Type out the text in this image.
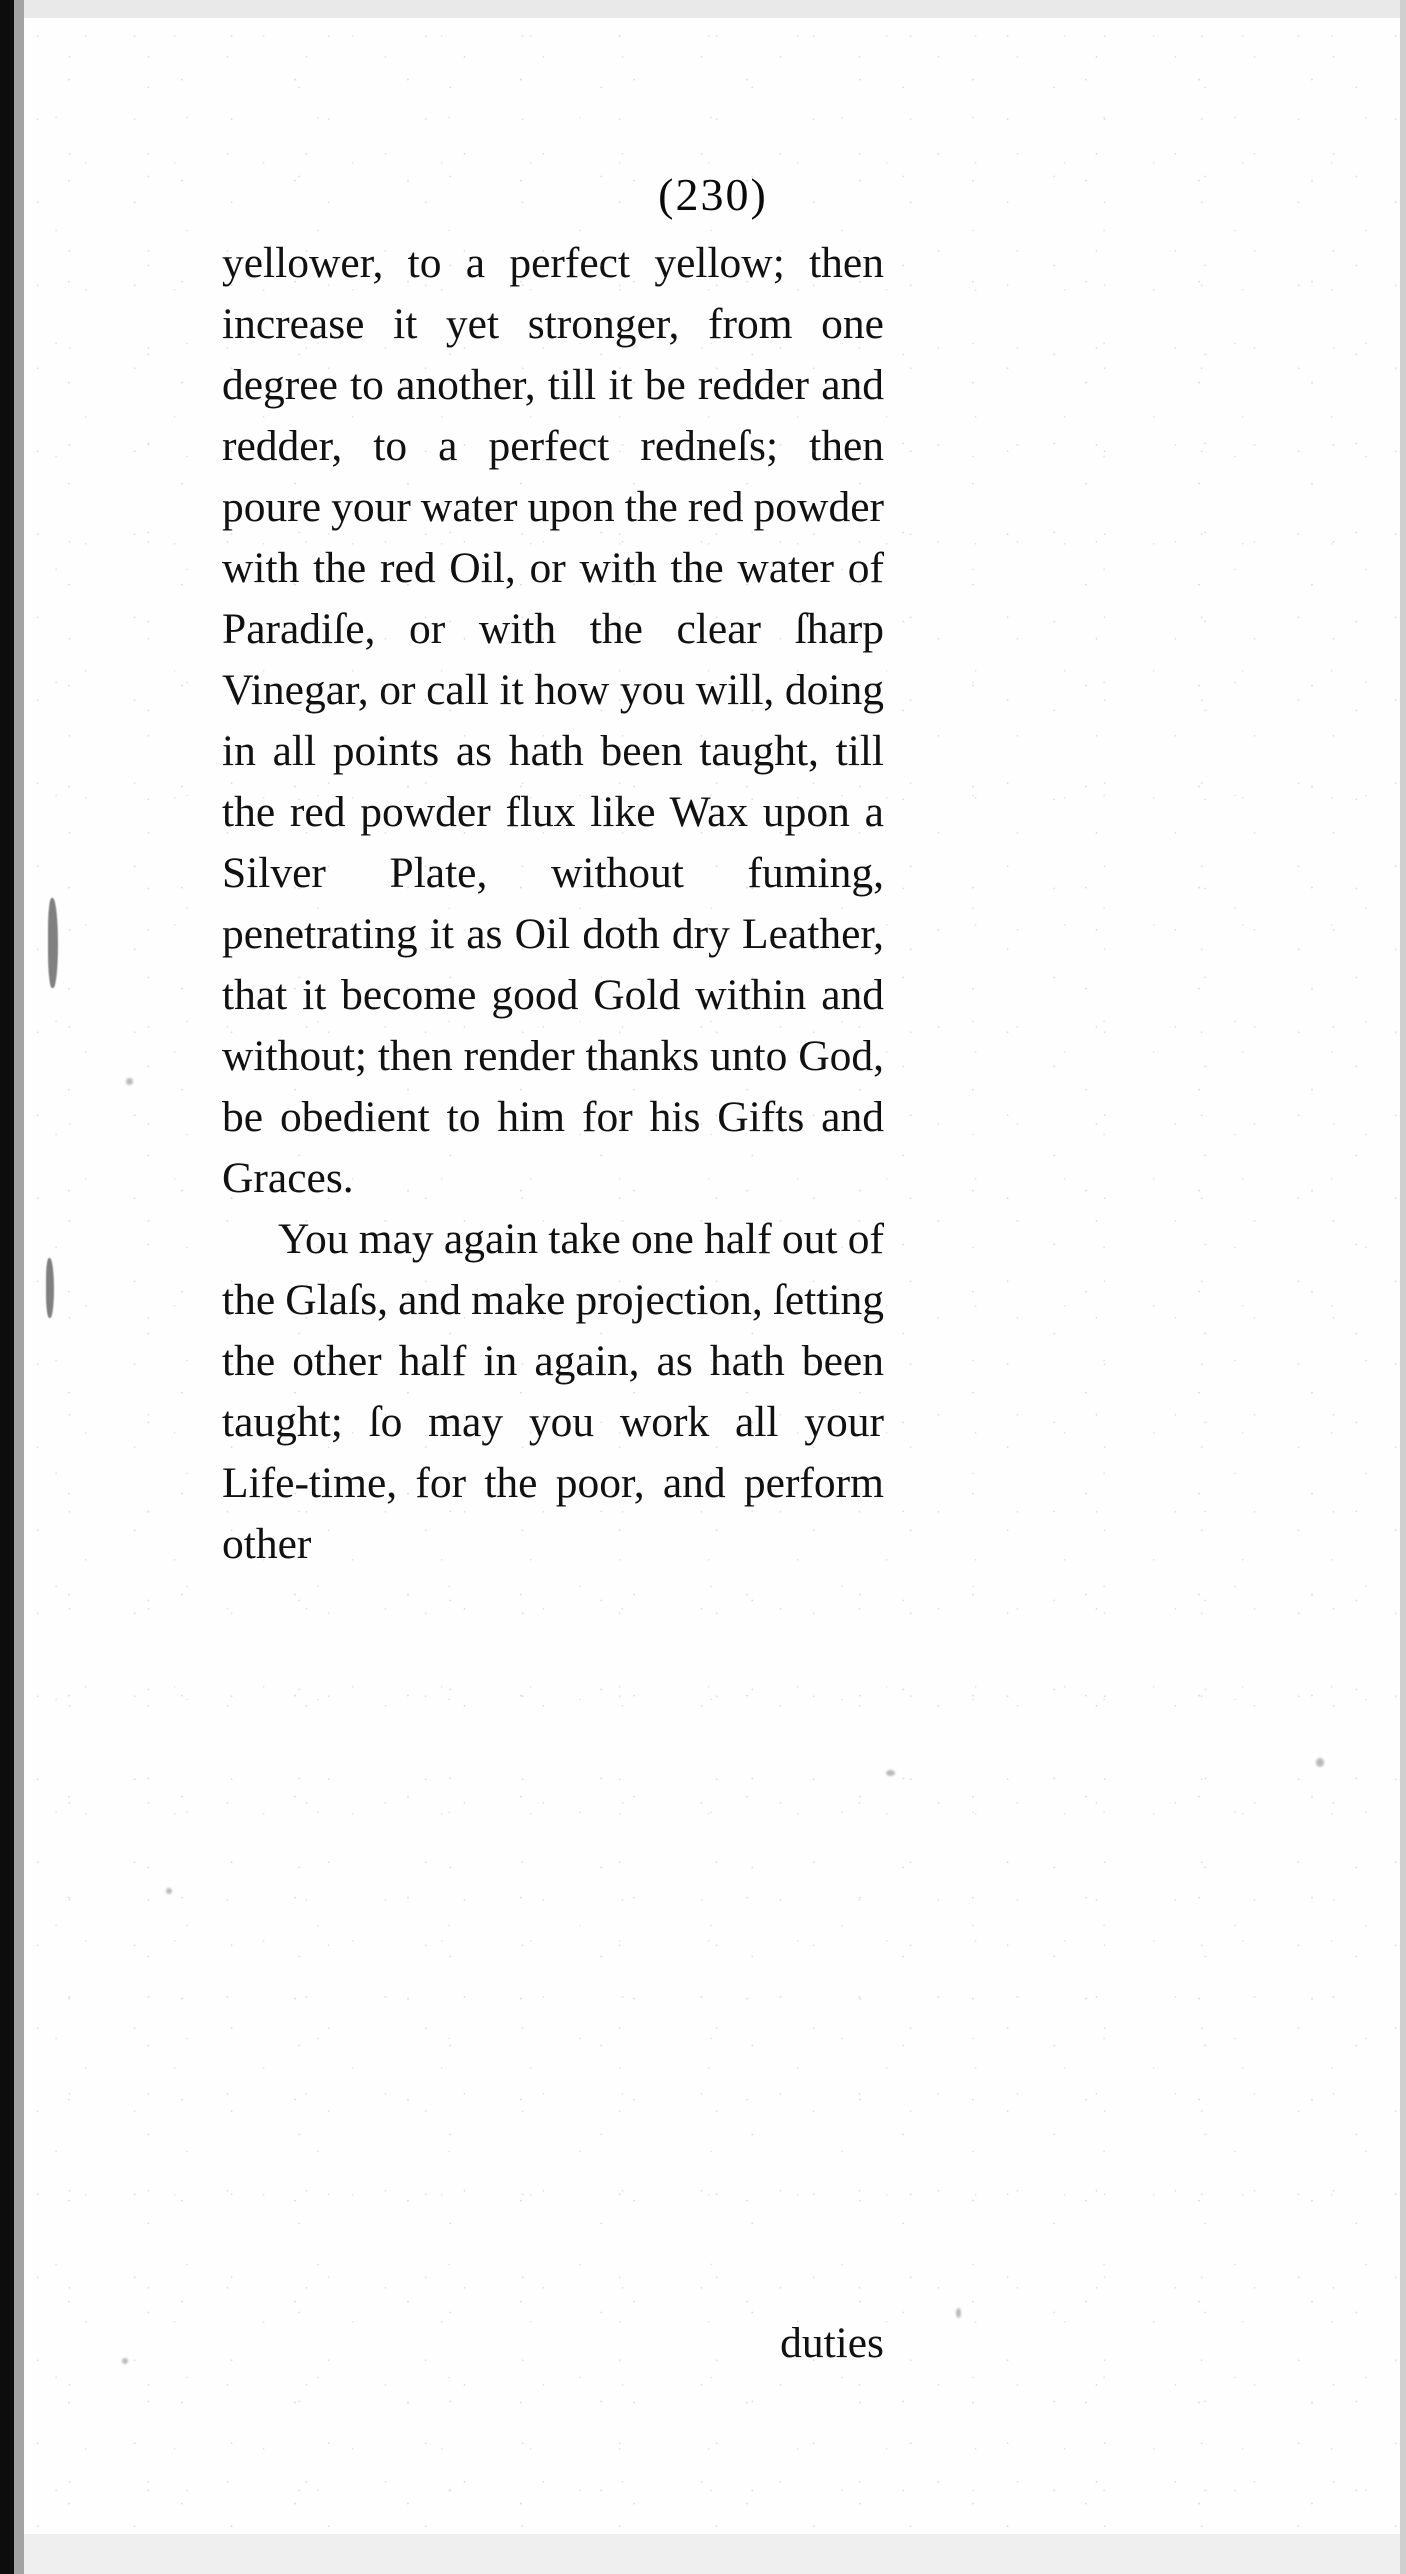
(230)

yellower, to a perfect yellow; then increase it yet stronger, from one degree to another, till it be redder and redder, to a perfect redneſs; then poure your water upon the red powder with the red Oil, or with the water of Paradiſe, or with the clear ſharp Vinegar, or call it how you will, doing in all points as hath been taught, till the red powder flux like Wax upon a Silver Plate, without fuming, penetrating it as Oil doth dry Leather, that it become good Gold within and without; then render thanks unto God, be obedient to him for his Gifts and Graces.

You may again take one half out of the Glaſs, and make projection, ſetting the other half in again, as hath been taught; ſo may you work all your Life-time, for the poor, and perform other

duties
